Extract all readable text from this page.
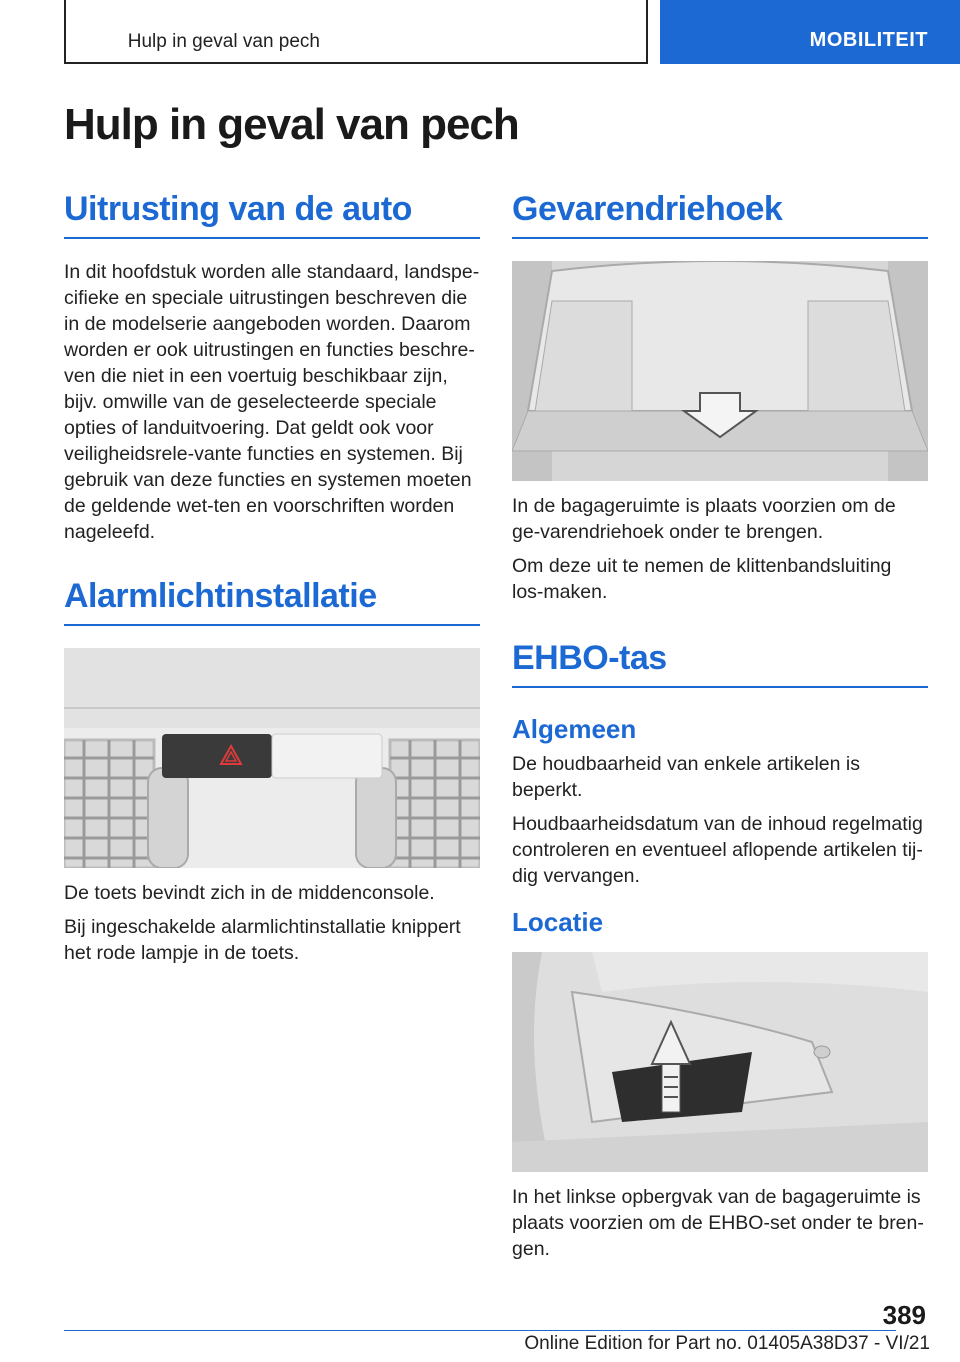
Hulp in geval van pech	MOBILITEIT
Hulp in geval van pech
Uitrusting van de auto

In dit hoofdstuk worden alle standaard, landspe-cifieke en speciale uitrustingen beschreven die in de modelserie aangeboden worden. Daarom worden er ook uitrustingen en functies beschre-ven die niet in een voertuig beschikbaar zijn, bijv. omwille van de geselecteerde speciale opties of landuitvoering. Dat geldt ook voor veiligheidsrele-vante functies en systemen. Bij gebruik van deze functies en systemen moeten de geldende wet-ten en voorschriften worden nageleefd.

Alarmlichtinstallatie

De toets bevindt zich in de middenconsole.

Bij ingeschakelde alarmlichtinstallatie knippert het rode lampje in de toets.

Gevarendriehoek

In de bagageruimte is plaats voorzien om de ge-varendriehoek onder te brengen.

Om deze uit te nemen de klittenbandsluiting los-maken.

EHBO-tas
Algemeen

De houdbaarheid van enkele artikelen is beperkt.

Houdbaarheidsdatum van de inhoud regelmatig controleren en eventueel aflopende artikelen tij-dig vervangen.

Locatie

In het linkse opbergvak van de bagageruimte is plaats voorzien om de EHBO-set onder te bren-gen.

389
Online Edition for Part no. 01405A38D37 - VI/21
